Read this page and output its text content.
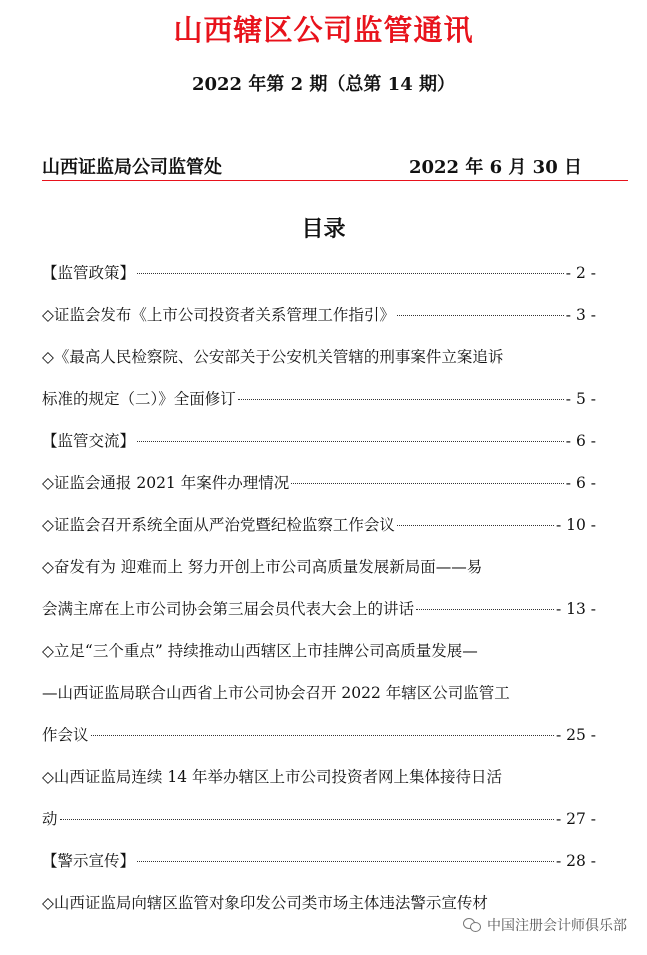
山西辖区公司监管通讯
2022 年第 2 期（总第 14 期）
山西证监局公司监管处	2022 年 6 月 30 日
目录
【监管政策】	- 2 -
◇证监会发布《上市公司投资者关系管理工作指引》	- 3 -
◇《最高人民检察院、公安部关于公安机关管辖的刑事案件立案追诉
标准的规定（二）》全面修订	- 5 -
【监管交流】	- 6 -
◇证监会通报 2021 年案件办理情况	- 6 -
◇证监会召开系统全面从严治党暨纪检监察工作会议	- 10 -
◇奋发有为 迎难而上 努力开创上市公司高质量发展新局面——易
会满主席在上市公司协会第三届会员代表大会上的讲话	- 13 -
◇立足“三个重点” 持续推动山西辖区上市挂牌公司高质量发展—
—山西证监局联合山西省上市公司协会召开 2022 年辖区公司监管工
作会议	- 25 -
◇山西证监局连续 14 年举办辖区上市公司投资者网上集体接待日活
动	- 27 -
【警示宣传】	- 28 -
◇山西证监局向辖区监管对象印发公司类市场主体违法警示宣传材
中国注册会计师俱乐部
